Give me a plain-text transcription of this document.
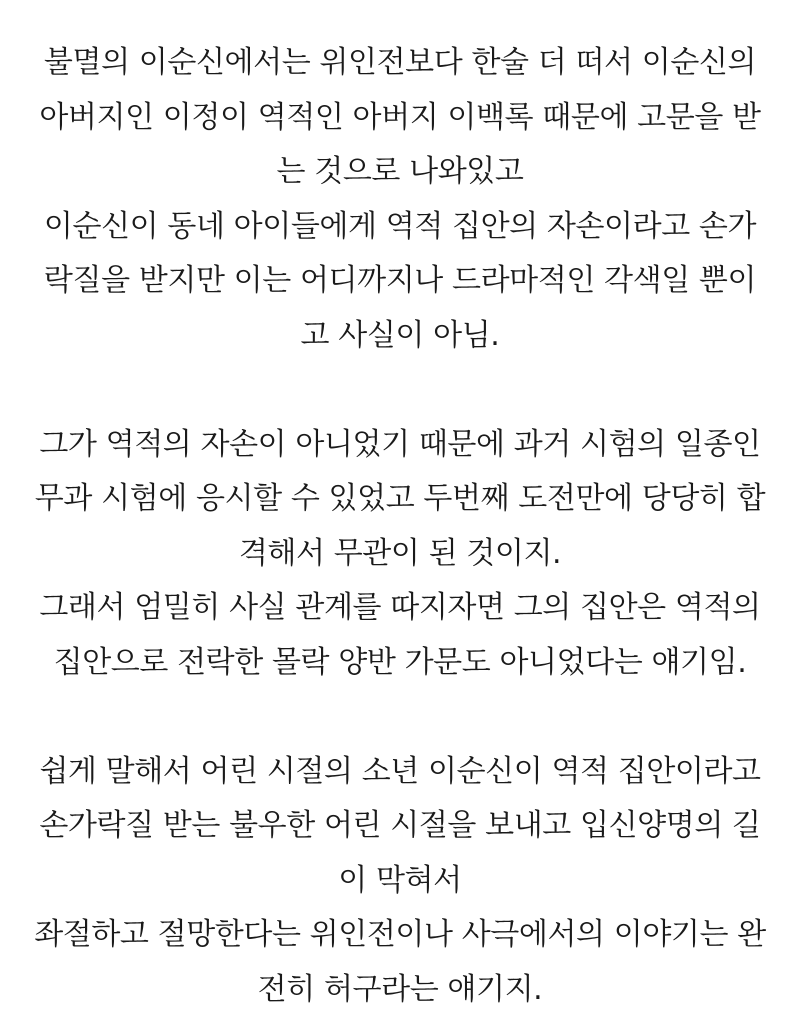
불멸의 이순신에서는 위인전보다 한술 더 떠서 이순신의
아버지인 이정이 역적인 아버지 이백록 때문에 고문을 받
는 것으로 나와있고
이순신이 동네 아이들에게 역적 집안의 자손이라고 손가
락질을 받지만 이는 어디까지나 드라마적인 각색일 뿐이
고 사실이 아님.
그가 역적의 자손이 아니었기 때문에 과거 시험의 일종인
무과 시험에 응시할 수 있었고 두번째 도전만에 당당히 합
격해서 무관이 된 것이지.
그래서 엄밀히 사실 관계를 따지자면 그의 집안은 역적의
집안으로 전락한 몰락 양반 가문도 아니었다는 얘기임.
쉽게 말해서 어린 시절의 소년 이순신이 역적 집안이라고
손가락질 받는 불우한 어린 시절을 보내고 입신양명의 길
이 막혀서
좌절하고 절망한다는 위인전이나 사극에서의 이야기는 완
전히 허구라는 얘기지.
